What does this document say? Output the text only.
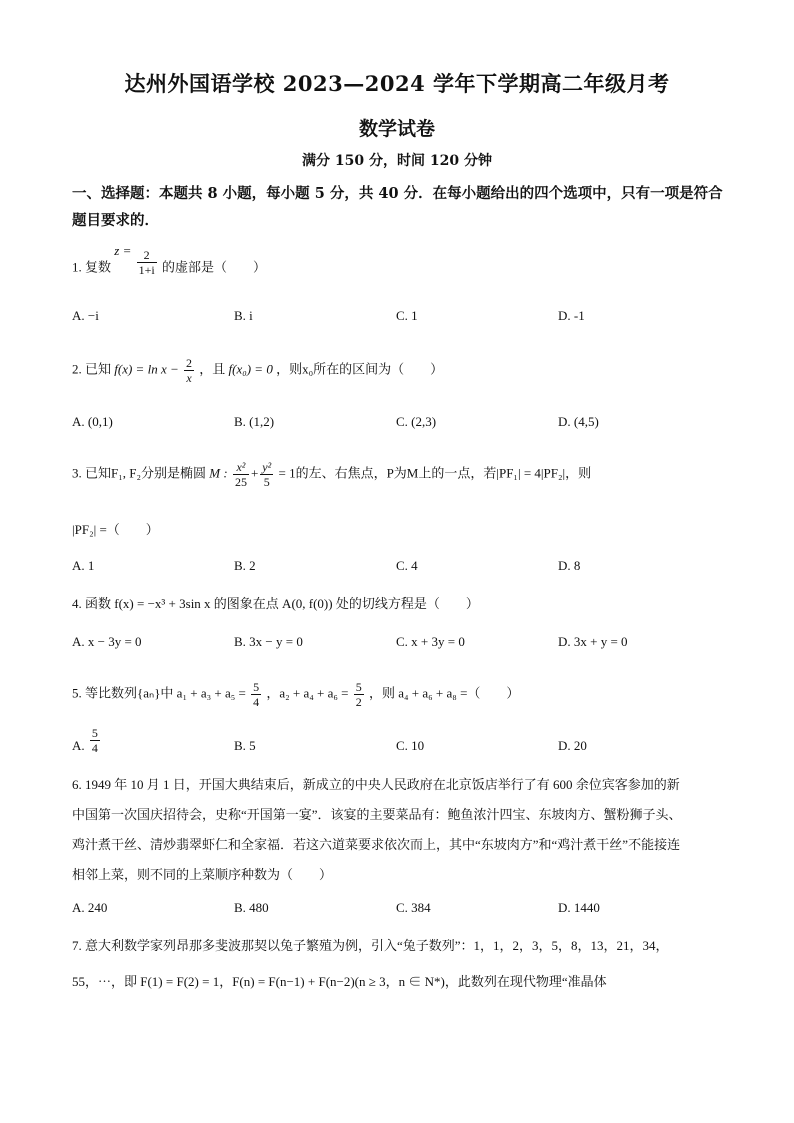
达州外国语学校 2023—2024 学年下学期高二年级月考
数学试卷
满分 150 分，时间 120 分钟
一、选择题：本题共 8 小题，每小题 5 分，共 40 分．在每小题给出的四个选项中，只有一项是符合题目要求的．
1. 复数 $z = \frac{2}{1+i}$ 的虚部是（　　）
A. −i	B. i	C. 1	D. -1
2. 已知 $f(x) = \ln x - \frac{2}{x}$ ，且 f(x₀) = 0 ，则x₀所在的区间为（　　）
A. (0,1)	B. (1,2)	C. (2,3)	D. (4,5)
3. 已知F₁, F₂分别是椭圆 M : $\frac{\text{x²}}{25} + \frac{\text{y²}}{5} = 1$的左、右焦点，P为M上的一点，若|PF₁| = 4|PF₂|，则
|PF₂| =（　　）
A. 1	B. 2	C. 4	D. 8
4. 函数 f(x) = −x³ + 3sin x 的图象在点 A(0, f(0)) 处的切线方程是（　　）
A. x − 3y = 0	B. 3x − y = 0	C. x + 3y = 0	D. 3x + y = 0
5. 等比数列{aₙ}中 $a_1 + a_3 + a_5 = \frac{5}{4}$ ，$a_2 + a_4 + a_6 = \frac{5}{2}$ ，则 a₄ + a₆ + a₈ =（　　）
A. $\frac{5}{4}$	B. 5	C. 10	D. 20
6. 1949 年 10 月 1 日，开国大典结束后，新成立的中央人民政府在北京饭店举行了有 600 余位宾客参加的新
中国第一次国庆招待会，史称“开国第一宴”．该宴的主要菜品有：鲍鱼浓汁四宝、东坡肉方、蟹粉狮子头、
鸡汁煮干丝、清炒翡翠虾仁和全家福．若这六道菜要求依次而上，其中“东坡肉方”和“鸡汁煮干丝”不能接连
相邻上菜，则不同的上菜顺序种数为（　　）
A. 240	B. 480	C. 384	D. 1440
7. 意大利数学家列昂那多斐波那契以兔子繁殖为例，引入“兔子数列”：1，1，2，3，5，8，13，21，34，
55，⋯，即 F(1) = F(2) = 1，F(n) = F(n−1) + F(n−2)(n ≥ 3，n ∈ N*)，此数列在现代物理“准晶体
